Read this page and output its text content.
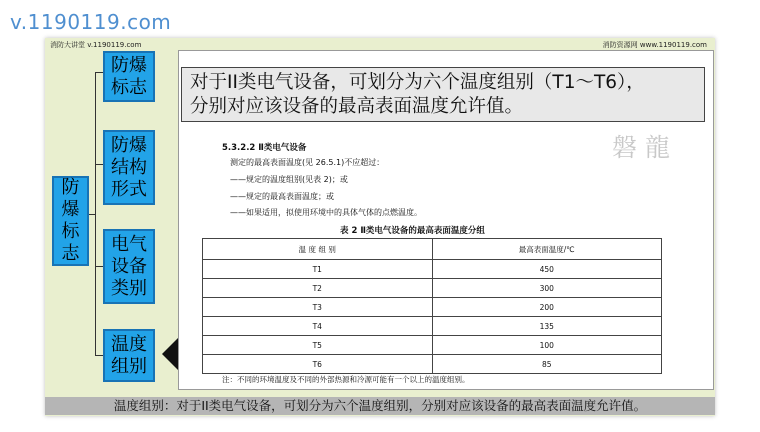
v.1190119.com
消防大讲堂 v.1190119.com	消防资源网 www.1190119.com
防爆标志
防爆标志
防爆结构形式
电气设备类别
温度组别
对于II类电气设备，可划分为六个温度组别（T1～T6），
分别对应该设备的最高表面温度允许值。
磐龍
5.3.2.2 Ⅱ类电气设备
测定的最高表面温度(见 26.5.1)不应超过：
——规定的温度组别(见表 2)；或
——规定的最高表面温度；或
——如果适用，拟使用环境中的具体气体的点燃温度。
表 2 Ⅱ类电气设备的最高表面温度分组
温 度 组 别	最高表面温度/℃
T1	450
T2	300
T3	200
T4	135
T5	100
T6	85
注：不同的环境温度及不同的外部热源和冷源可能有一个以上的温度组别。
温度组别：对于II类电气设备，可划分为六个温度组别，分别对应该设备的最高表面温度允许值。
